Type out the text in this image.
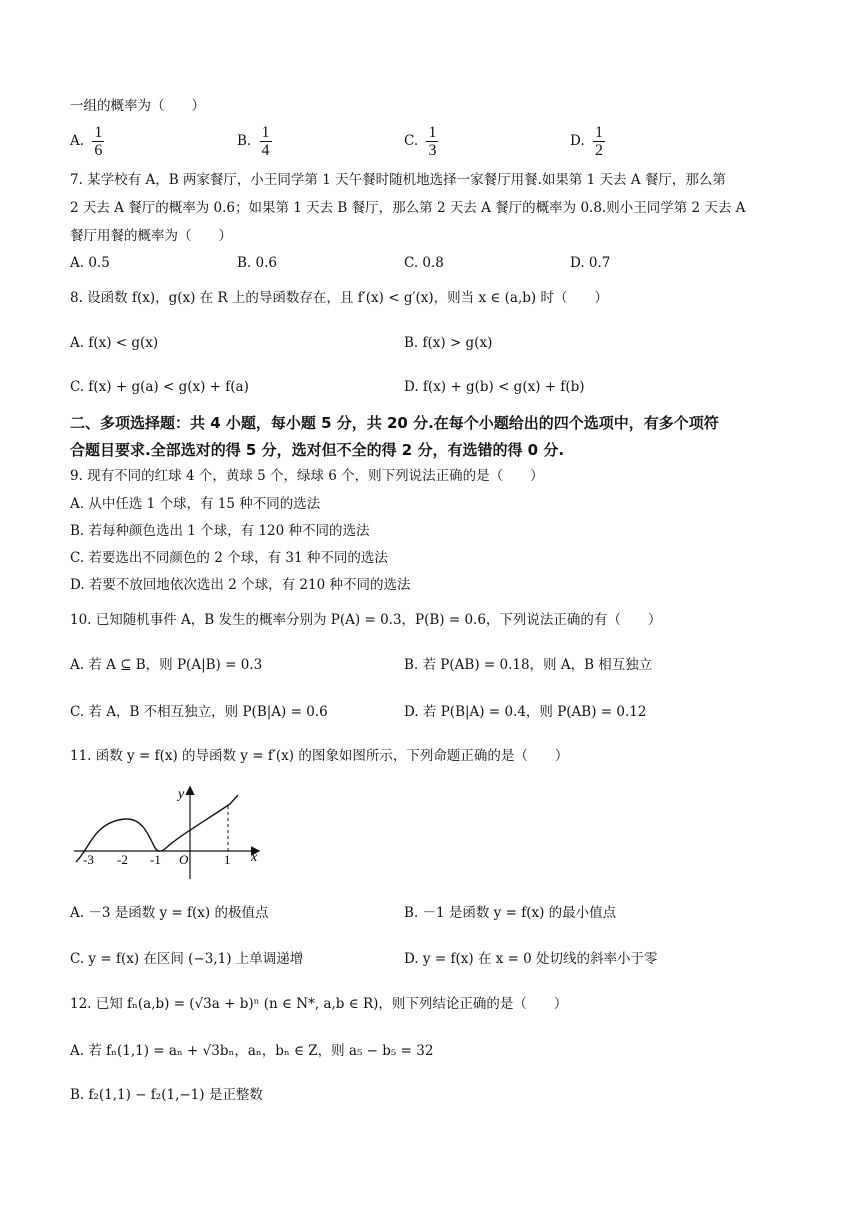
一组的概率为（　　）
A. $\frac{1}{6}$	B. $\frac{1}{4}$	C. $\frac{1}{3}$	D. $\frac{1}{2}$
7. 某学校有 A，B 两家餐厅，小王同学第 1 天午餐时随机地选择一家餐厅用餐.如果第 1 天去 A 餐厅，那么第
2 天去 A 餐厅的概率为 0.6；如果第 1 天去 B 餐厅，那么第 2 天去 A 餐厅的概率为 0.8.则小王同学第 2 天去 A
餐厅用餐的概率为（　　）
A. 0.5	B. 0.6	C. 0.8	D. 0.7
8. 设函数 f(x)，g(x) 在 R 上的导函数存在，且 f′(x) < g′(x)，则当 x ∈ (a,b) 时（　　）
A. f(x) < g(x)	B. f(x) > g(x)
C. f(x) + g(a) < g(x) + f(a)	D. f(x) + g(b) < g(x) + f(b)
二、多项选择题：共 4 小题，每小题 5 分，共 20 分.在每个小题给出的四个选项中，有多个项符
合题目要求.全部选对的得 5 分，选对但不全的得 2 分，有选错的得 0 分.
9. 现有不同的红球 4 个，黄球 5 个，绿球 6 个，则下列说法正确的是（　　）
A. 从中任选 1 个球，有 15 种不同的选法
B. 若每种颜色选出 1 个球，有 120 种不同的选法
C. 若要选出不同颜色的 2 个球，有 31 种不同的选法
D. 若要不放回地依次选出 2 个球，有 210 种不同的选法
10. 已知随机事件 A，B 发生的概率分别为 P(A) = 0.3，P(B) = 0.6，下列说法正确的有（　　）
A. 若 A ⊆ B，则 P(A|B) = 0.3	B. 若 P(AB) = 0.18，则 A，B 相互独立
C. 若 A，B 不相互独立，则 P(B|A) = 0.6	D. 若 P(B|A) = 0.4，则 P(AB) = 0.12
11. 函数 y = f(x) 的导函数 y = f′(x) 的图象如图所示，下列命题正确的是（　　）
y
x
O
-3 -2 -1	1
A. －3 是函数 y = f(x) 的极值点	B. －1 是函数 y = f(x) 的最小值点
C. y = f(x) 在区间 (−3,1) 上单调递增	D. y = f(x) 在 x = 0 处切线的斜率小于零
12. 已知 fₙ(a,b) = (√3a + b)ⁿ (n ∈ N*, a,b ∈ R)，则下列结论正确的是（　　）
A. 若 fₙ(1,1) = aₙ + √3bₙ，aₙ，bₙ ∈ Z，则 a₅ − b₅ = 32
B. f₂(1,1) − f₂(1,−1) 是正整数
